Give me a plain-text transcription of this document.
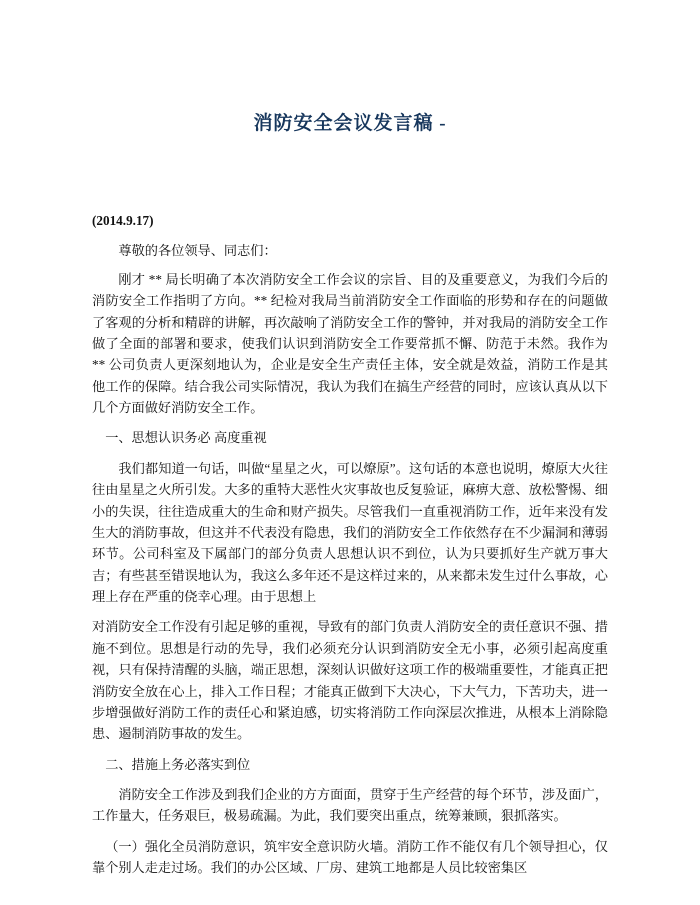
消防安全会议发言稿 -

(2014.9.17)

尊敬的各位领导、同志们：

刚才 ** 局长明确了本次消防安全工作会议的宗旨、目的及重要意义，为我们今后的消防安全工作指明了方向。** 纪检对我局当前消防安全工作面临的形势和存在的问题做了客观的分析和精辟的讲解，再次敲响了消防安全工作的警钟，并对我局的消防安全工作做了全面的部署和要求，使我们认识到消防安全工作要常抓不懈、防范于未然。我作为 ** 公司负责人更深刻地认为，企业是安全生产责任主体，安全就是效益，消防工作是其他工作的保障。结合我公司实际情况，我认为我们在搞生产经营的同时，应该认真从以下几个方面做好消防安全工作。

一、思想认识务必 高度重视

我们都知道一句话，叫做“星星之火，可以燎原”。这句话的本意也说明，燎原大火往往由星星之火所引发。大多的重特大恶性火灾事故也反复验证，麻痹大意、放松警惕、细小的失误，往往造成重大的生命和财产损失。尽管我们一直重视消防工作，近年来没有发生大的消防事故，但这并不代表没有隐患，我们的消防安全工作依然存在不少漏洞和薄弱环节。公司科室及下属部门的部分负责人思想认识不到位，认为只要抓好生产就万事大吉；有些甚至错误地认为，我这么多年还不是这样过来的，从来都未发生过什么事故，心理上存在严重的侥幸心理。由于思想上

对消防安全工作没有引起足够的重视，导致有的部门负责人消防安全的责任意识不强、措施不到位。思想是行动的先导，我们必须充分认识到消防安全无小事，必须引起高度重视，只有保持清醒的头脑，端正思想，深刻认识做好这项工作的极端重要性，才能真正把消防安全放在心上，排入工作日程；才能真正做到下大决心，下大气力，下苦功夫，进一步增强做好消防工作的责任心和紧迫感，切实将消防工作向深层次推进，从根本上消除隐患、遏制消防事故的发生。

二、措施上务必落实到位

消防安全工作涉及到我们企业的方方面面，贯穿于生产经营的每个环节，涉及面广，工作量大，任务艰巨，极易疏漏。为此，我们要突出重点，统筹兼顾，狠抓落实。

（一）强化全员消防意识，筑牢安全意识防火墙。消防工作不能仅有几个领导担心，仅靠个别人走走过场。我们的办公区域、厂房、建筑工地都是人员比较密集区
